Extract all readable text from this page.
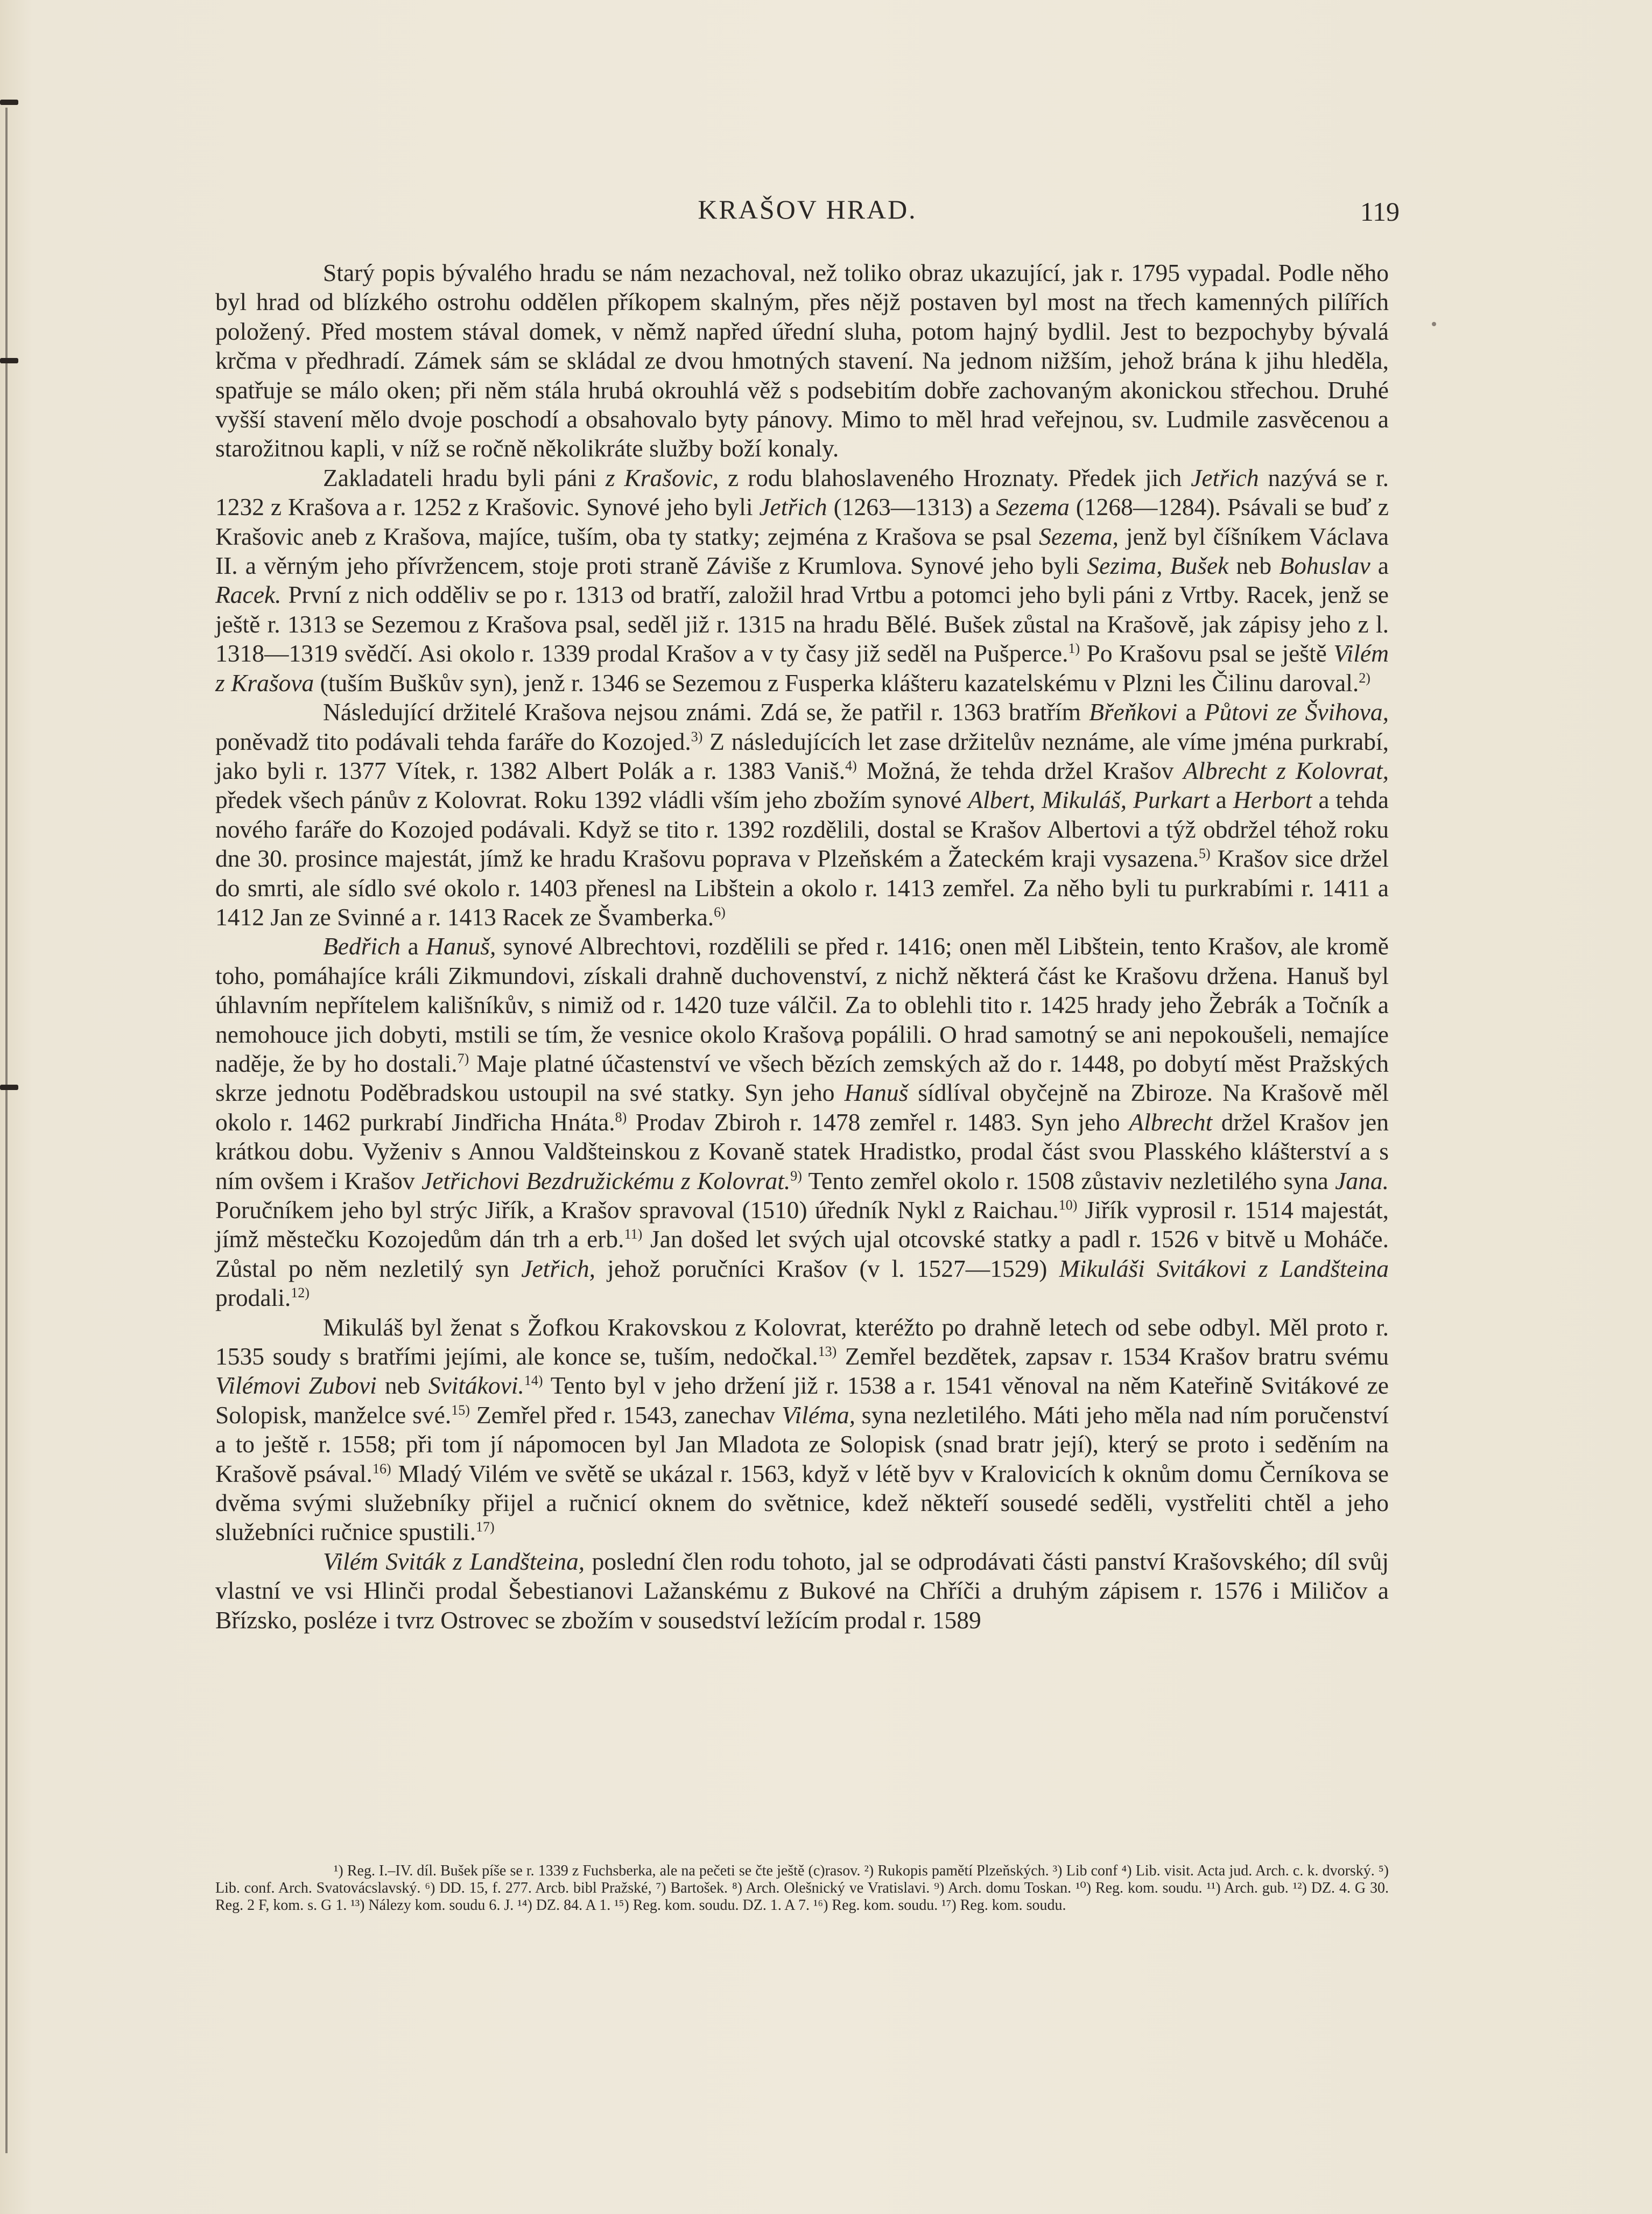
KRAŠOV HRAD.	119

Starý popis bývalého hradu se nám nezachoval, než toliko obraz ukazující, jak r. 1795 vypadal. Podle něho byl hrad od blízkého ostrohu oddělen příkopem skalným, přes nějž postaven byl most na třech kamenných pilířích položený. Před mostem stával domek, v němž napřed úřední sluha, potom hajný bydlil. Jest to bezpochyby bývalá krčma v předhradí. Zámek sám se skládal ze dvou hmotných stavení. Na jednom nižším, jehož brána k jihu hleděla, spatřuje se málo oken; při něm stála hrubá okrouhlá věž s podsebitím dobře zachovaným akonickou střechou. Druhé vyšší stavení mělo dvoje poschodí a obsahovalo byty pánovy. Mimo to měl hrad veřejnou, sv. Ludmile zasvěcenou a starožitnou kapli, v níž se ročně několikráte služby boží konaly.

Zakladateli hradu byli páni z Krašovic, z rodu blahoslaveného Hroznaty. Předek jich Jetřich nazývá se r. 1232 z Krašova a r. 1252 z Krašovic. Synové jeho byli Jetřich (1263—1313) a Sezema (1268—1284). Psávali se buď z Krašovic aneb z Krašova, majíce, tuším, oba ty statky; zejména z Krašova se psal Sezema, jenž byl číšníkem Václava II. a věrným jeho přívržencem, stoje proti straně Záviše z Krumlova. Synové jeho byli Sezima, Bušek neb Bohuslav a Racek. První z nich odděliv se po r. 1313 od bratří, založil hrad Vrtbu a potomci jeho byli páni z Vrtby. Racek, jenž se ještě r. 1313 se Sezemou z Krašova psal, seděl již r. 1315 na hradu Bělé. Bušek zůstal na Krašově, jak zápisy jeho z l. 1318—1319 svědčí. Asi okolo r. 1339 prodal Krašov a v ty časy již seděl na Pušperce.$^{1)}$ Po Krašovu psal se ještě Vilém z Krašova (tuším Buškův syn), jenž r. 1346 se Sezemou z Fusperka klášteru kazatelskému v Plzni les Čilinu daroval.$^{2)}$

Následující držitelé Krašova nejsou známi. Zdá se, že patřil r. 1363 bratřím Břeňkovi a Půtovi ze Švihova, poněvadž tito podávali tehda faráře do Kozojed.$^{3)}$ Z následujících let zase držitelův neznáme, ale víme jména purkrabí, jako byli r. 1377 Vítek, r. 1382 Albert Polák a r. 1383 Vaniš.$^{4)}$ Možná, že tehda držel Krašov Albrecht z Kolovrat, předek všech pánův z Kolovrat. Roku 1392 vládli vším jeho zbožím synové Albert, Mikuláš, Purkart a Herbort a tehda nového faráře do Kozojed podávali. Když se tito r. 1392 rozdělili, dostal se Krašov Albertovi a týž obdržel téhož roku dne 30. prosince majestát, jímž ke hradu Krašovu poprava v Plzeňském a Žateckém kraji vysazena.$^{5)}$ Krašov sice držel do smrti, ale sídlo své okolo r. 1403 přenesl na Libštein a okolo r. 1413 zemřel. Za něho byli tu purkrabími r. 1411 a 1412 Jan ze Svinné a r. 1413 Racek ze Švamberka.$^{6)}$

Bedřich a Hanuš, synové Albrechtovi, rozdělili se před r. 1416; onen měl Libštein, tento Krašov, ale kromě toho, pomáhajíce králi Zikmundovi, získali drahně duchovenství, z nichž některá část ke Krašovu držena. Hanuš byl úhlavním nepřítelem kališníkův, s nimiž od r. 1420 tuze válčil. Za to oblehli tito r. 1425 hrady jeho Žebrák a Točník a nemohouce jich dobyti, mstili se tím, že vesnice okolo Krašova popálili. O hrad samotný se ani nepokoušeli, nemajíce naděje, že by ho dostali.$^{7)}$ Maje platné účastenství ve všech bězích zemských až do r. 1448, po dobytí měst Pražských skrze jednotu Poděbradskou ustoupil na své statky. Syn jeho Hanuš sídlíval obyčejně na Zbiroze. Na Krašově měl okolo r. 1462 purkrabí Jindřicha Hnáta.$^{8)}$ Prodav Zbiroh r. 1478 zemřel r. 1483. Syn jeho Albrecht držel Krašov jen krátkou dobu. Vyženiv s Annou Valdšteinskou z Kovaně statek Hradistko, prodal část svou Plasského klášterství a s ním ovšem i Krašov Jetřichovi Bezdružickému z Kolovrat.$^{9)}$ Tento zemřel okolo r. 1508 zůstaviv nezletilého syna Jana. Poručníkem jeho byl strýc Jiřík, a Krašov spravoval (1510) úředník Nykl z Raichau.$^{10)}$ Jiřík vyprosil r. 1514 majestát, jímž městečku Kozojedům dán trh a erb.$^{11)}$ Jan došed let svých ujal otcovské statky a padl r. 1526 v bitvě u Moháče. Zůstal po něm nezletilý syn Jetřich, jehož poručníci Krašov (v l. 1527—1529) Mikuláši Svitákovi z Landšteina prodali.$^{12)}$

Mikuláš byl ženat s Žofkou Krakovskou z Kolovrat, kteréžto po drahně letech od sebe odbyl. Měl proto r. 1535 soudy s bratřími jejími, ale konce se, tuším, nedočkal.$^{13)}$ Zemřel bezdětek, zapsav r. 1534 Krašov bratru svému Vilémovi Zubovi neb Svitákovi.$^{14)}$ Tento byl v jeho držení již r. 1538 a r. 1541 věnoval na něm Kateřině Svitákové ze Solopisk, manželce své.$^{15)}$ Zemřel před r. 1543, zanechav Viléma, syna nezletilého. Máti jeho měla nad ním poručenství a to ještě r. 1558; při tom jí nápomocen byl Jan Mladota ze Solopisk (snad bratr její), který se proto i seděním na Krašově psával.$^{16)}$ Mladý Vilém ve světě se ukázal r. 1563, když v létě byv v Kralovicích k oknům domu Černíkova se dvěma svými služebníky přijel a ručnicí oknem do světnice, kdež někteří sousedé seděli, vystřeliti chtěl a jeho služebníci ručnice spustili.$^{17)}$

Vilém Sviták z Landšteina, poslední člen rodu tohoto, jal se odprodávati části panství Krašovského; díl svůj vlastní ve vsi Hlinči prodal Šebestianovi Lažanskému z Bukové na Chříči a druhým zápisem r. 1576 i Miličov a Břízsko, posléze i tvrz Ostrovec se zbožím v sousedství ležícím prodal r. 1589

¹) Reg. I.–IV. díl. Bušek píše se r. 1339 z Fuchsberka, ale na pečeti se čte ještě (c)rasov. ²) Rukopis pamětí Plzeňských. ³) Lib conf ⁴) Lib. visit. Acta jud. Arch. c. k. dvorský. ⁵) Lib. conf. Arch. Svatovácslavský. ⁶) DD. 15, f. 277. Arcb. bibl Pražské, ⁷) Bartošek. ⁸) Arch. Olešnický ve Vratislavi. ⁹) Arch. domu Toskan. ¹⁰) Reg. kom. soudu. ¹¹) Arch. gub. ¹²) DZ. 4. G 30. Reg. 2 F, kom. s. G 1. ¹³) Nálezy kom. soudu 6. J. ¹⁴) DZ. 84. A 1. ¹⁵) Reg. kom. soudu. DZ. 1. A 7. ¹⁶) Reg. kom. soudu. ¹⁷) Reg. kom. soudu.
